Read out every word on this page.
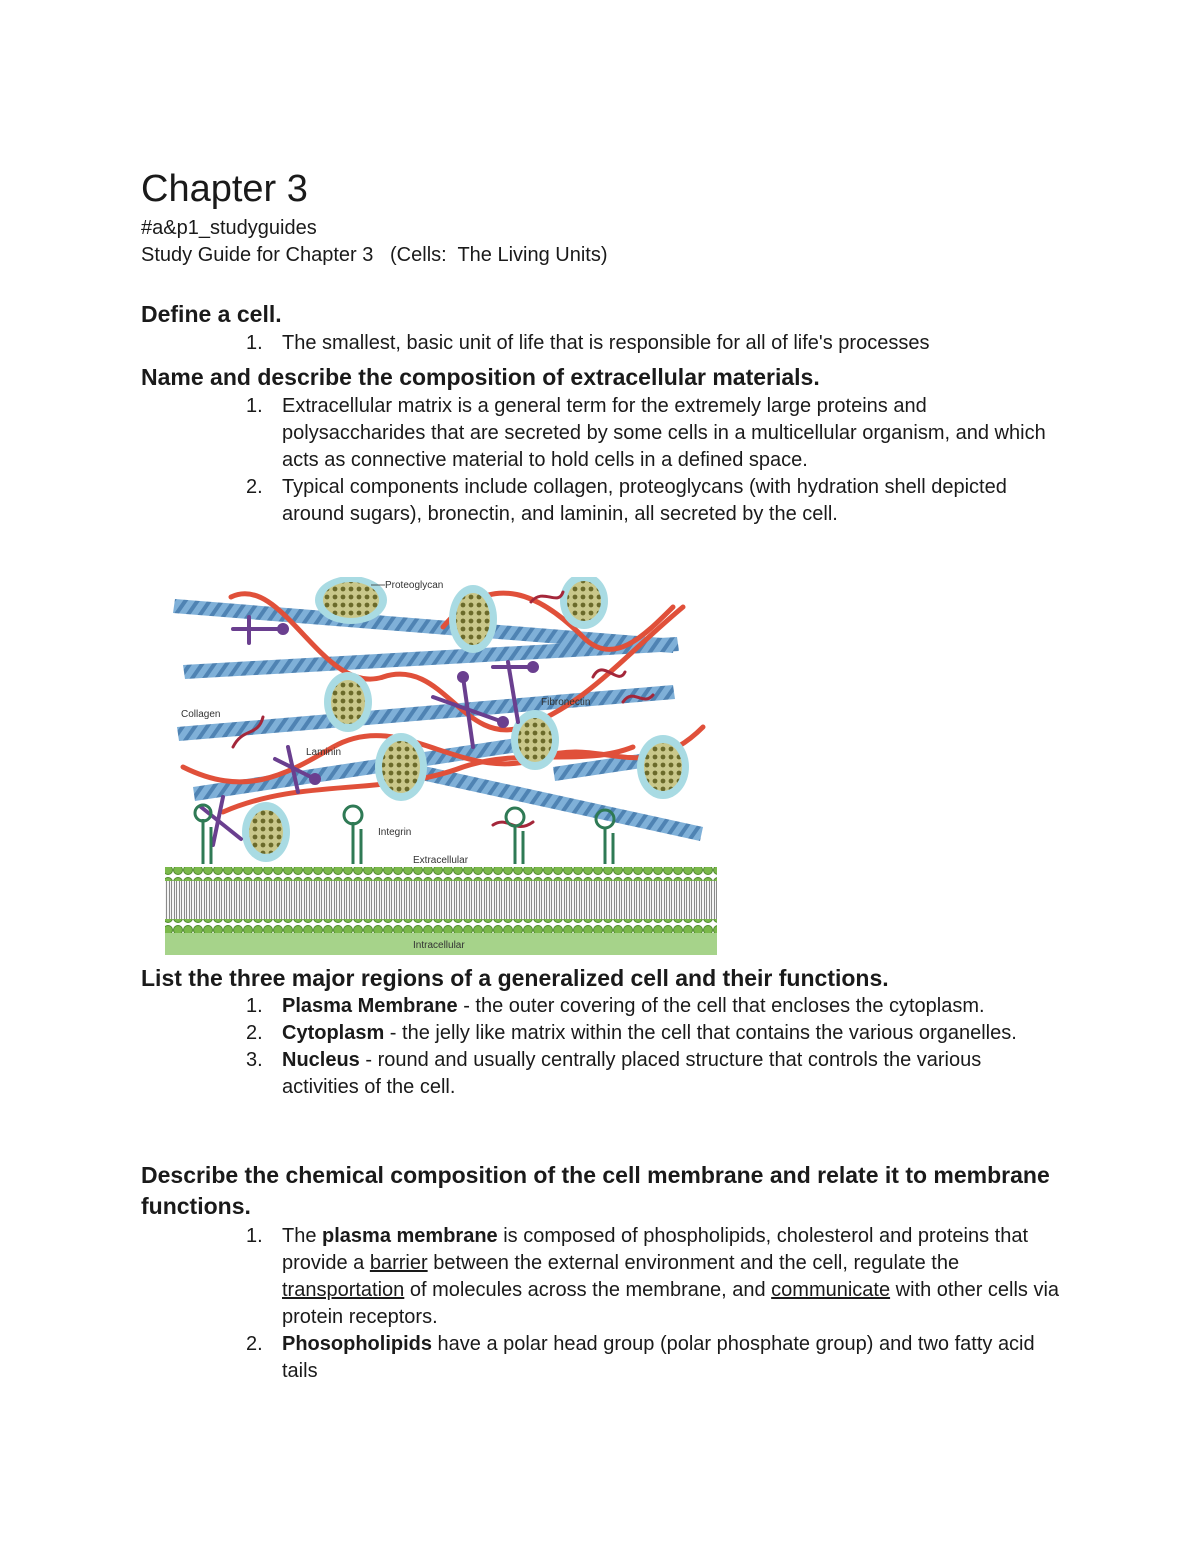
Chapter 3
#a&p1_studyguides
Study Guide for Chapter 3   (Cells:  The Living Units)
Define a cell.
1. The smallest, basic unit of life that is responsible for all of life's processes
Name and describe the composition of extracellular materials.
1. Extracellular matrix is a general term for the extremely large proteins and polysaccharides that are secreted by some cells in a multicellular organism, and which acts as connective material to hold cells in a defined space.
2. Typical components include collagen, proteoglycans (with hydration shell depicted around sugars), bronectin, and laminin, all secreted by the cell.
Proteoglycan
Fibronectin
Collagen
Laminin
Integrin
Extracellular
Intracellular
List the three major regions of a generalized cell and their functions.
1. Plasma Membrane - the outer covering of the cell that encloses the cytoplasm.
2. Cytoplasm - the jelly like matrix within the cell that contains the various organelles.
3. Nucleus - round and usually centrally placed structure that controls the various activities of the cell.
Describe the chemical composition of the cell membrane and relate it to membrane functions.
1. The plasma membrane is composed of phospholipids, cholesterol and proteins that provide a barrier between the external environment and the cell, regulate the transportation of molecules across the membrane, and communicate with other cells via protein receptors.
2. Phosopholipids have a polar head group (polar phosphate group) and two fatty acid tails
